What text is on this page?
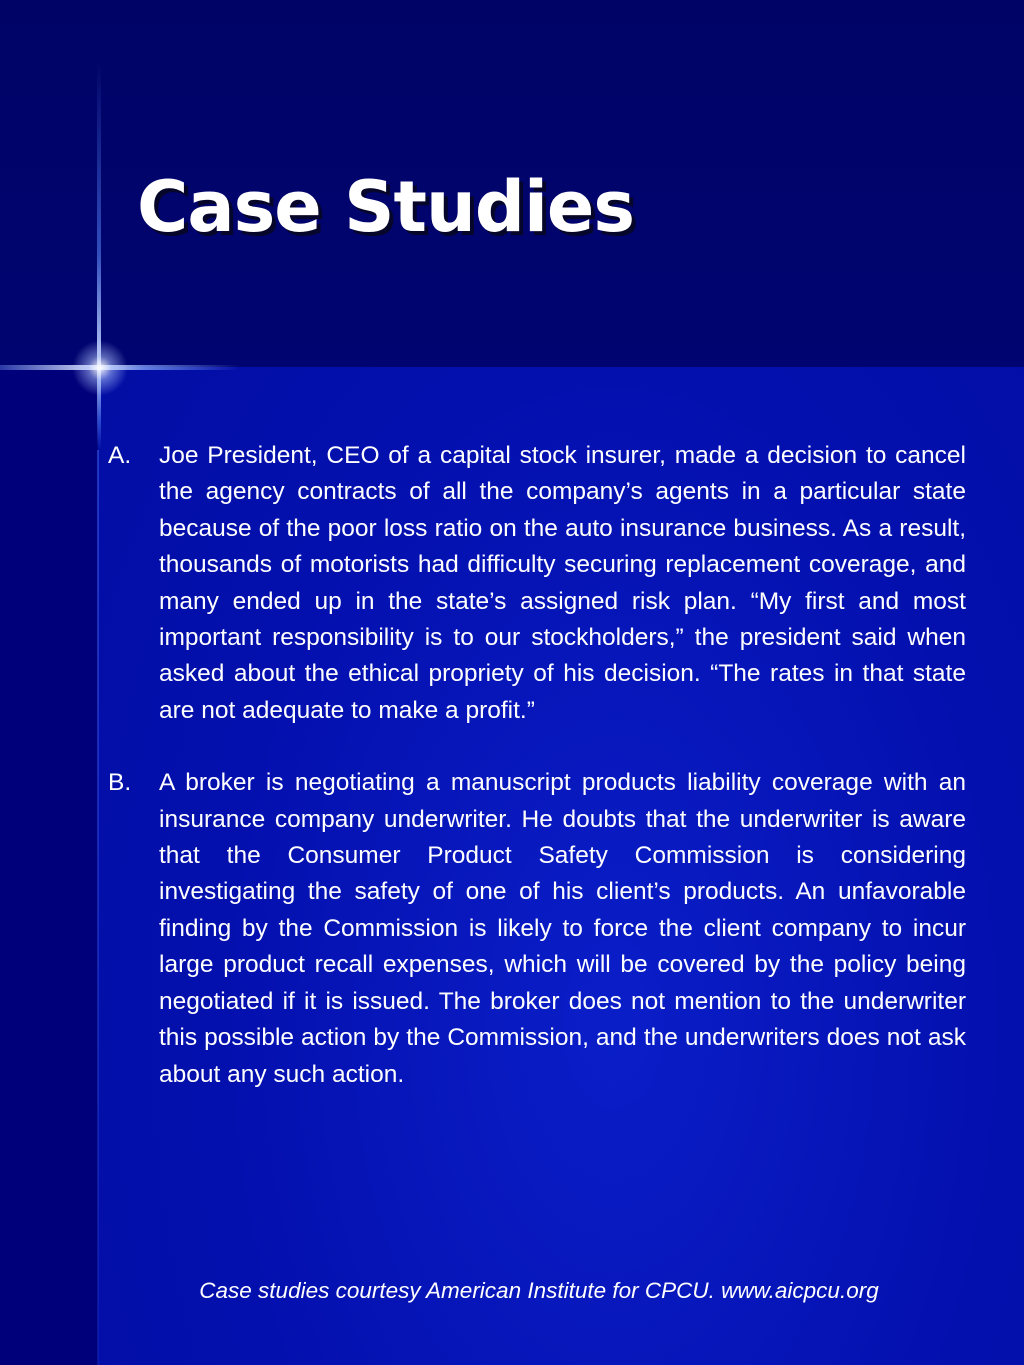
Case Studies
A. Joe President, CEO of a capital stock insurer, made a decision to cancel the agency contracts of all the company’s agents in a particular state because of the poor loss ratio on the auto insurance business. As a result, thousands of motorists had difficulty securing replacement coverage, and many ended up in the state’s assigned risk plan. “My first and most important responsibility is to our stockholders,” the president said when asked about the ethical propriety of his decision. “The rates in that state are not adequate to make a profit.”
B. A broker is negotiating a manuscript products liability coverage with an insurance company underwriter. He doubts that the underwriter is aware that the Consumer Product Safety Commission is considering investigating the safety of one of his client’s products. An unfavorable finding by the Commission is likely to force the client company to incur large product recall expenses, which will be covered by the policy being negotiated if it is issued. The broker does not mention to the underwriter this possible action by the Commission, and the underwriters does not ask about any such action.
Case studies courtesy American Institute for CPCU. www.aicpcu.org
